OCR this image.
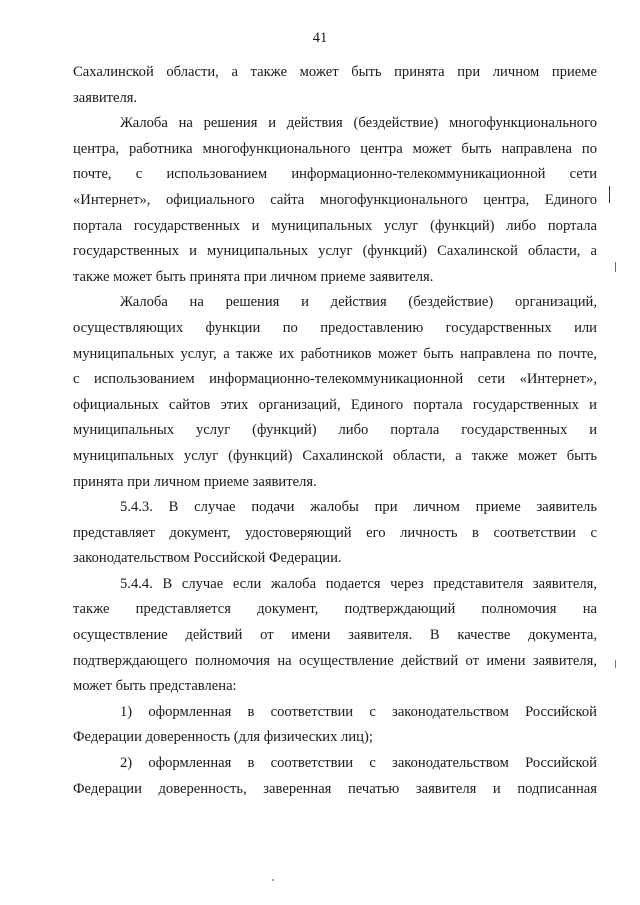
41
Сахалинской области, а также может быть принята при личном приеме
заявителя.
Жалоба на решения и действия (бездействие) многофункционального
центра, работника многофункционального центра может быть направлена по
почте, с использованием информационно-телекоммуникационной сети
«Интернет», официального сайта многофункционального центра, Единого
портала государственных и муниципальных услуг (функций) либо портала
государственных и муниципальных услуг (функций) Сахалинской области, а
также может быть принята при личном приеме заявителя.
Жалоба на решения и действия (бездействие) организаций,
осуществляющих функции по предоставлению государственных или
муниципальных услуг, а также их работников может быть направлена по почте,
с использованием информационно-телекоммуникационной сети «Интернет»,
официальных сайтов этих организаций, Единого портала государственных и
муниципальных услуг (функций) либо портала государственных и
муниципальных услуг (функций) Сахалинской области, а также может быть
принята при личном приеме заявителя.
5.4.3. В случае подачи жалобы при личном приеме заявитель
представляет документ, удостоверяющий его личность в соответствии с
законодательством Российской Федерации.
5.4.4. В случае если жалоба подается через представителя заявителя,
также представляется документ, подтверждающий полномочия на
осуществление действий от имени заявителя. В качестве документа,
подтверждающего полномочия на осуществление действий от имени заявителя,
может быть представлена:
1) оформленная в соответствии с законодательством Российской
Федерации доверенность (для физических лиц);
2) оформленная в соответствии с законодательством Российской
Федерации доверенность, заверенная печатью заявителя и подписанная
